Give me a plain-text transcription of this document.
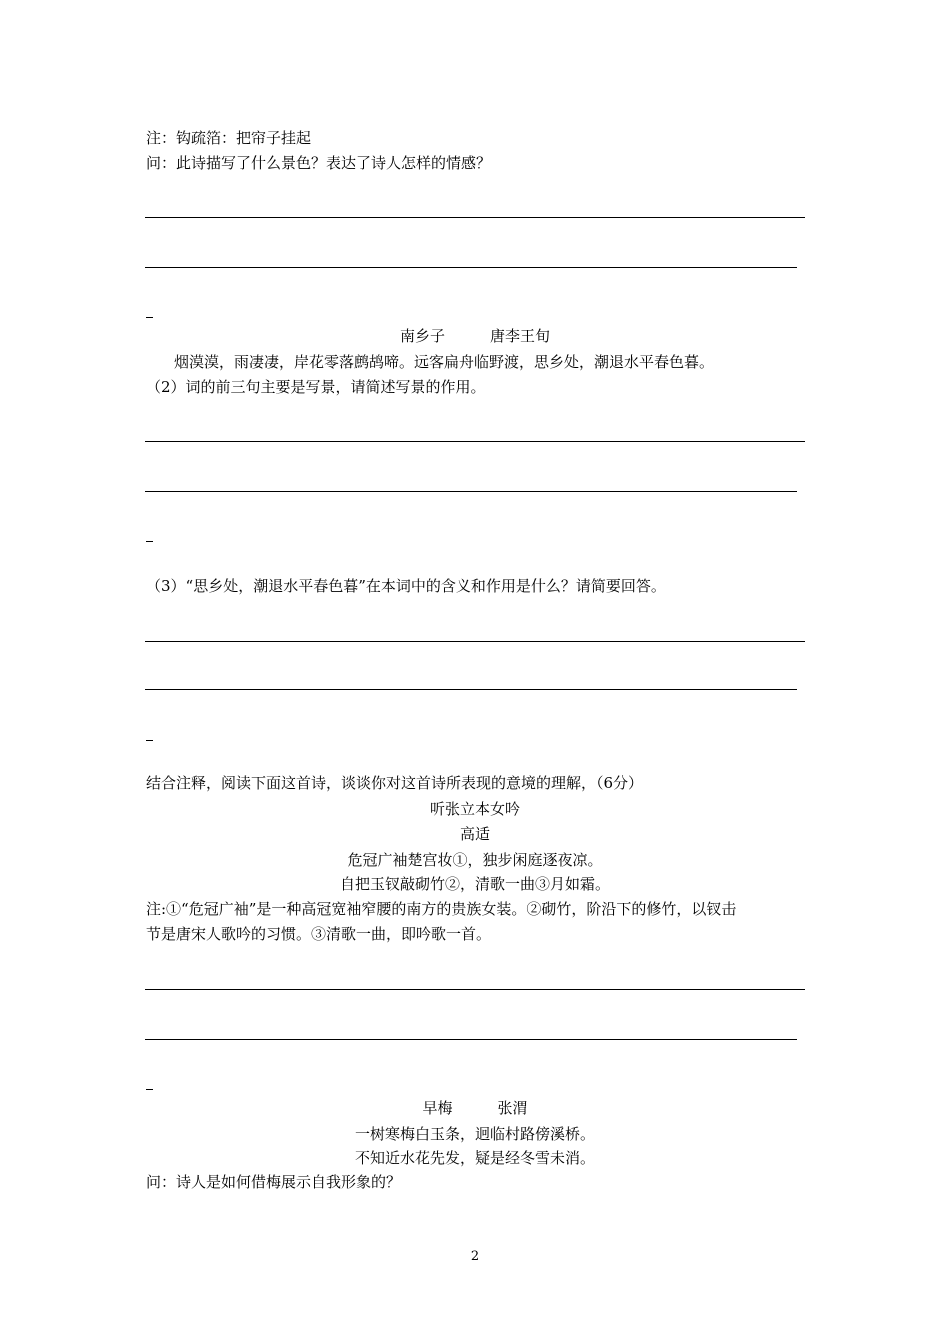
注：钩疏箔：把帘子挂起
问：此诗描写了什么景色？表达了诗人怎样的情感？
南乡子　　　唐李王旬
烟漠漠，雨凄凄，岸花零落鹧鸪啼。远客扁舟临野渡，思乡处，潮退水平春色暮。
（2）词的前三句主要是写景，请简述写景的作用。
（3）“思乡处，潮退水平春色暮”在本词中的含义和作用是什么？请简要回答。
结合注释，阅读下面这首诗，谈谈你对这首诗所表现的意境的理解，（6分）
听张立本女吟
高适
危冠广袖楚宫妆①，独步闲庭逐夜凉。
自把玉钗敲砌竹②，清歌一曲③月如霜。
注:①“危冠广袖”是一种高冠宽袖窄腰的南方的贵族女装。②砌竹，阶沿下的修竹，以钗击
节是唐宋人歌吟的习惯。③清歌一曲，即吟歌一首。
早梅　　　张渭
一树寒梅白玉条，迥临村路傍溪桥。
不知近水花先发，疑是经冬雪未消。
问：诗人是如何借梅展示自我形象的？
2
